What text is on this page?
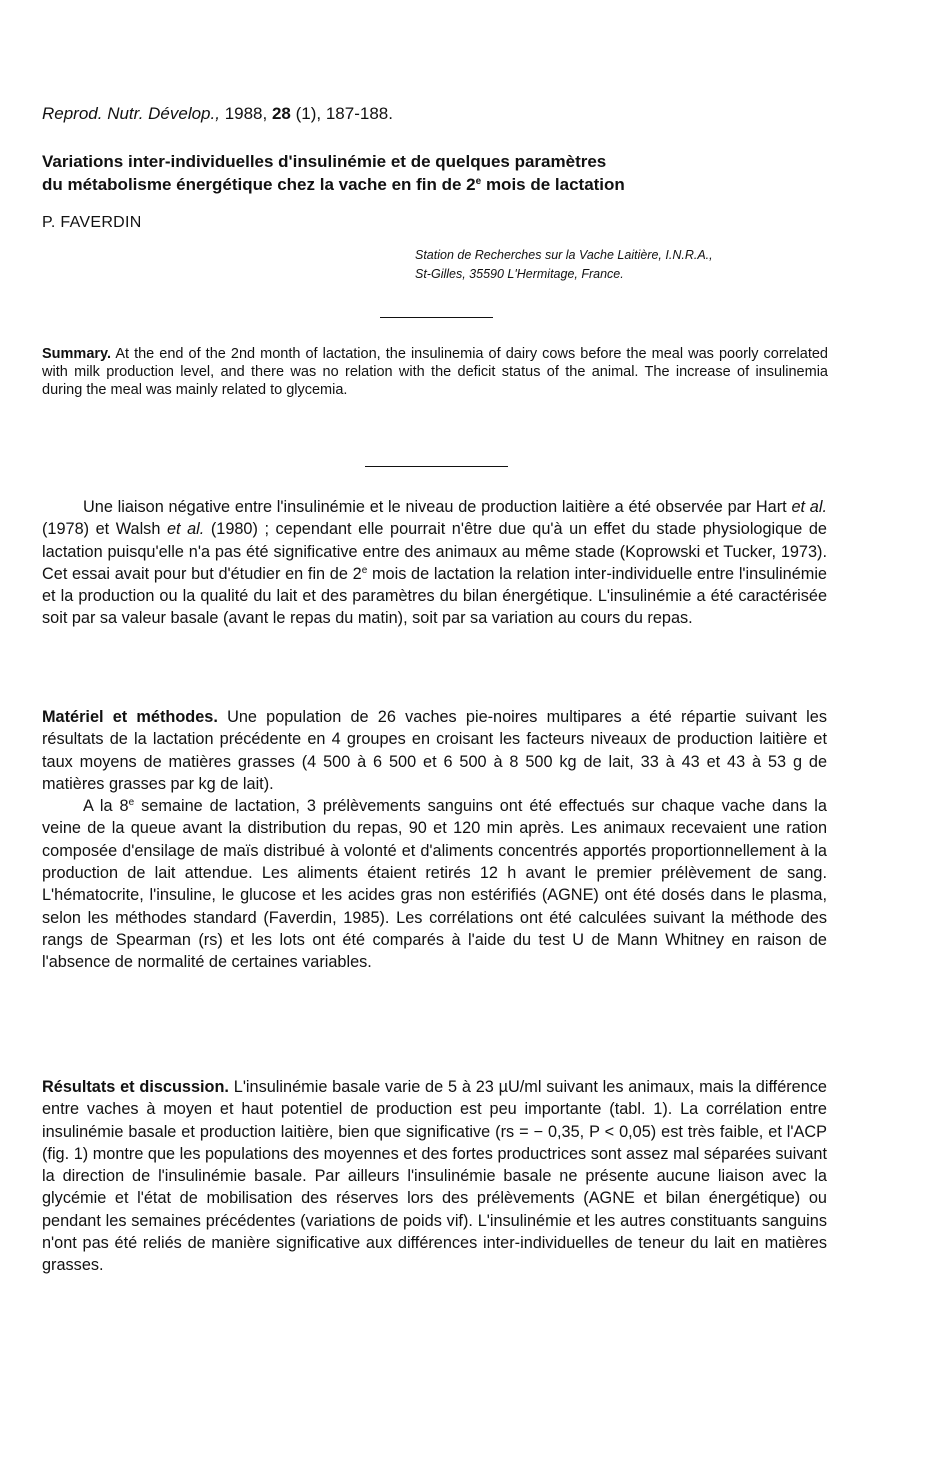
Reprod. Nutr. Dévelop., 1988, 28 (1), 187-188.
Variations inter-individuelles d'insulinémie et de quelques paramètres
du métabolisme énergétique chez la vache en fin de 2e mois de lactation
P. FAVERDIN
Station de Recherches sur la Vache Laitière, I.N.R.A.,
St-Gilles, 35590 L'Hermitage, France.
Summary. At the end of the 2nd month of lactation, the insulinemia of dairy cows before the meal was poorly correlated with milk production level, and there was no relation with the deficit status of the animal. The increase of insulinemia during the meal was mainly related to glycemia.

Une liaison négative entre l'insulinémie et le niveau de production laitière a été observée par Hart et al. (1978) et Walsh et al. (1980) ; cependant elle pourrait n'être due qu'à un effet du stade physiologique de lactation puisqu'elle n'a pas été significative entre des animaux au même stade (Koprowski et Tucker, 1973). Cet essai avait pour but d'étudier en fin de 2e mois de lactation la relation inter-individuelle entre l'insulinémie et la production ou la qualité du lait et des paramètres du bilan énergétique. L'insulinémie a été caractérisée soit par sa valeur basale (avant le repas du matin), soit par sa variation au cours du repas.

Matériel et méthodes. Une population de 26 vaches pie-noires multipares a été répartie suivant les résultats de la lactation précédente en 4 groupes en croisant les facteurs niveaux de production laitière et taux moyens de matières grasses (4 500 à 6 500 et 6 500 à 8 500 kg de lait, 33 à 43 et 43 à 53 g de matières grasses par kg de lait).

A la 8e semaine de lactation, 3 prélèvements sanguins ont été effectués sur chaque vache dans la veine de la queue avant la distribution du repas, 90 et 120 min après. Les animaux recevaient une ration composée d'ensilage de maïs distribué à volonté et d'aliments concentrés apportés proportionnellement à la production de lait attendue. Les aliments étaient retirés 12 h avant le premier prélèvement de sang. L'hématocrite, l'insuline, le glucose et les acides gras non estérifiés (AGNE) ont été dosés dans le plasma, selon les méthodes standard (Faverdin, 1985). Les corrélations ont été calculées suivant la méthode des rangs de Spearman (rs) et les lots ont été comparés à l'aide du test U de Mann Whitney en raison de l'absence de normalité de certaines variables.

Résultats et discussion. L'insulinémie basale varie de 5 à 23 µU/ml suivant les animaux, mais la différence entre vaches à moyen et haut potentiel de production est peu importante (tabl. 1). La corrélation entre insulinémie basale et production laitière, bien que significative (rs = − 0,35, P < 0,05) est très faible, et l'ACP (fig. 1) montre que les populations des moyennes et des fortes productrices sont assez mal séparées suivant la direction de l'insulinémie basale. Par ailleurs l'insulinémie basale ne présente aucune liaison avec la glycémie et l'état de mobilisation des réserves lors des prélèvements (AGNE et bilan énergétique) ou pendant les semaines précédentes (variations de poids vif). L'insulinémie et les autres constituants sanguins n'ont pas été reliés de manière significative aux différences inter-individuelles de teneur du lait en matières grasses.
